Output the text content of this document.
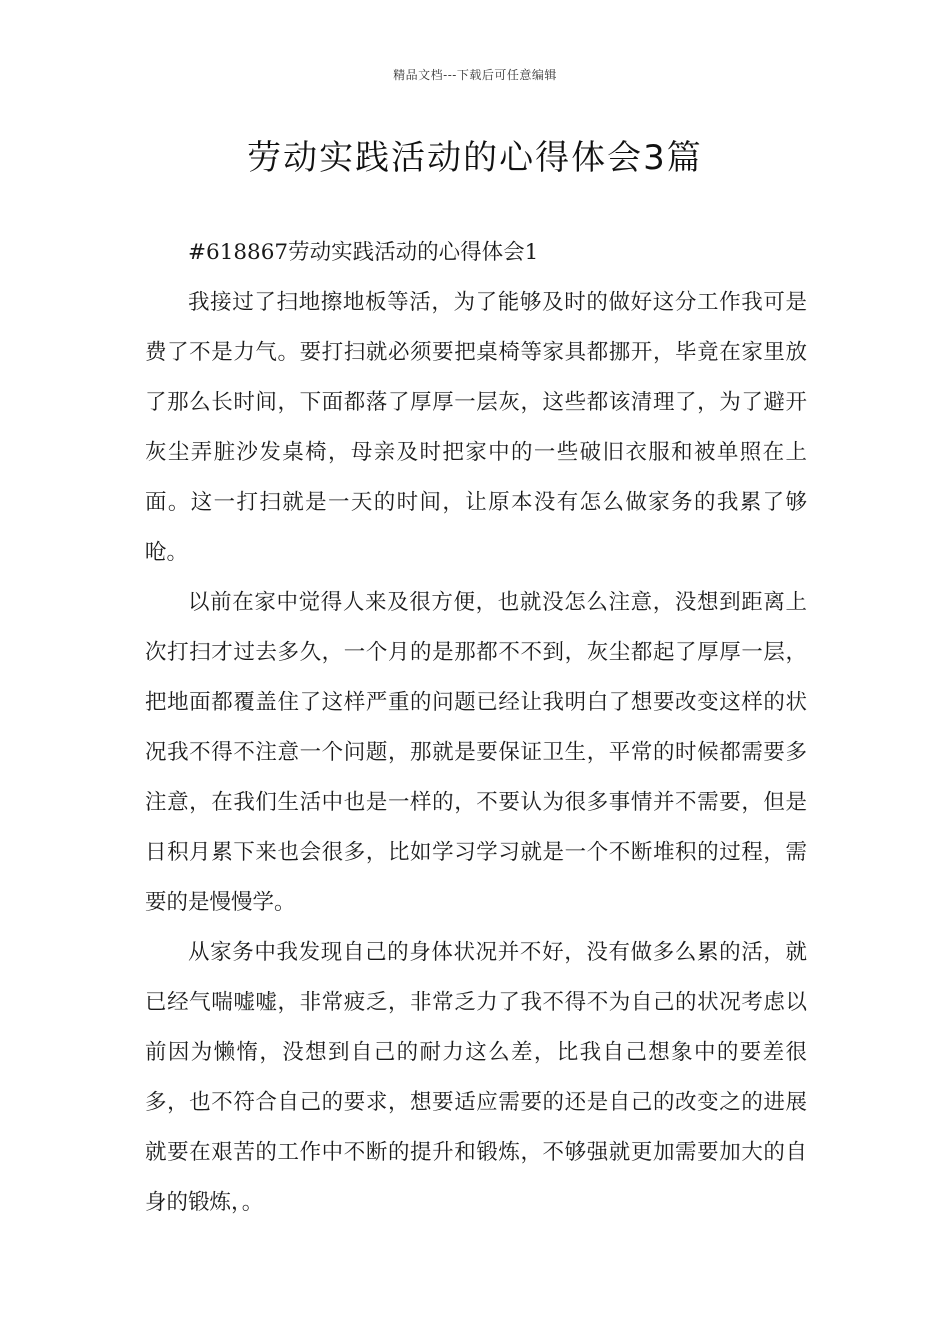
精品文档---下载后可任意编辑
劳动实践活动的心得体会3篇

#618867劳动实践活动的心得体会1

我接过了扫地擦地板等活，为了能够及时的做好这分工作我可是费了不是力气。要打扫就必须要把桌椅等家具都挪开，毕竟在家里放了那么长时间，下面都落了厚厚一层灰，这些都该清理了，为了避开灰尘弄脏沙发桌椅，母亲及时把家中的一些破旧衣服和被单照在上面。这一打扫就是一天的时间，让原本没有怎么做家务的我累了够呛。

以前在家中觉得人来及很方便，也就没怎么注意，没想到距离上次打扫才过去多久，一个月的是那都不不到，灰尘都起了厚厚一层，把地面都覆盖住了这样严重的问题已经让我明白了想要改变这样的状况我不得不注意一个问题，那就是要保证卫生，平常的时候都需要多注意，在我们生活中也是一样的，不要认为很多事情并不需要，但是日积月累下来也会很多，比如学习学习就是一个不断堆积的过程，需要的是慢慢学。

从家务中我发现自己的身体状况并不好，没有做多么累的活，就已经气喘嘘嘘，非常疲乏，非常乏力了我不得不为自己的状况考虑以前因为懒惰，没想到自己的耐力这么差，比我自己想象中的要差很多，也不符合自己的要求，想要适应需要的还是自己的改变之的进展就要在艰苦的工作中不断的提升和锻炼，不够强就更加需要加大的自身的锻炼，。
